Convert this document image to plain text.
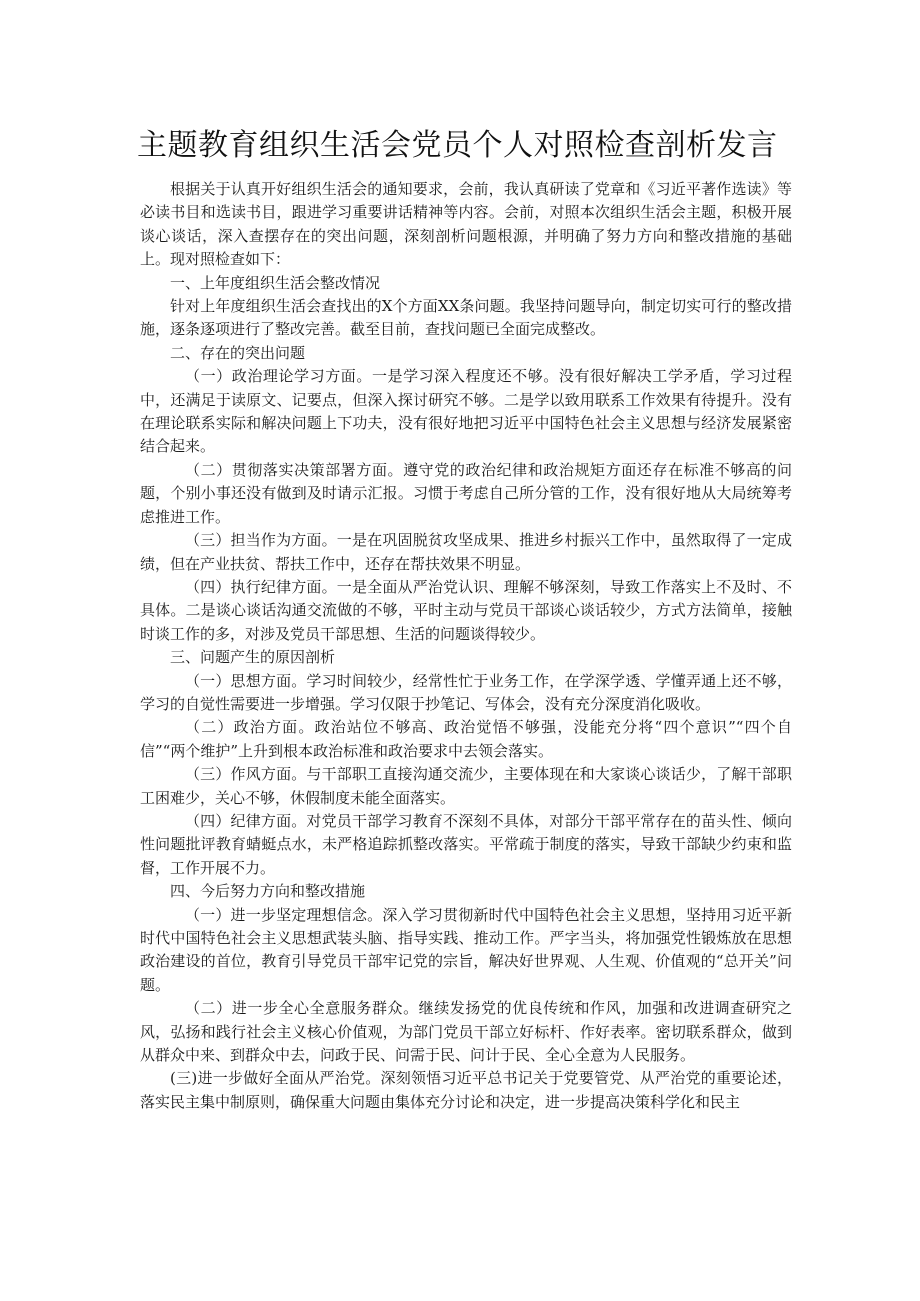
主题教育组织生活会党员个人对照检查剖析发言

根据关于认真开好组织生活会的通知要求，会前，我认真研读了党章和《习近平著作选读》等必读书目和选读书目，跟进学习重要讲话精神等内容。会前，对照本次组织生活会主题，积极开展谈心谈话，深入查摆存在的突出问题，深刻剖析问题根源，并明确了努力方向和整改措施的基础上。现对照检查如下：

一、上年度组织生活会整改情况

针对上年度组织生活会查找出的X个方面XX条问题。我坚持问题导向，制定切实可行的整改措施，逐条逐项进行了整改完善。截至目前，查找问题已全面完成整改。

二、存在的突出问题

（一）政治理论学习方面。一是学习深入程度还不够。没有很好解决工学矛盾，学习过程中，还满足于读原文、记要点，但深入探讨研究不够。二是学以致用联系工作效果有待提升。没有在理论联系实际和解决问题上下功夫，没有很好地把习近平中国特色社会主义思想与经济发展紧密结合起来。

（二）贯彻落实决策部署方面。遵守党的政治纪律和政治规矩方面还存在标准不够高的问题，个别小事还没有做到及时请示汇报。习惯于考虑自己所分管的工作，没有很好地从大局统筹考虑推进工作。

（三）担当作为方面。一是在巩固脱贫攻坚成果、推进乡村振兴工作中，虽然取得了一定成绩，但在产业扶贫、帮扶工作中，还存在帮扶效果不明显。

（四）执行纪律方面。一是全面从严治党认识、理解不够深刻，导致工作落实上不及时、不具体。二是谈心谈话沟通交流做的不够，平时主动与党员干部谈心谈话较少，方式方法简单，接触时谈工作的多，对涉及党员干部思想、生活的问题谈得较少。

三、问题产生的原因剖析

（一）思想方面。学习时间较少，经常性忙于业务工作，在学深学透、学懂弄通上还不够，学习的自觉性需要进一步增强。学习仅限于抄笔记、写体会，没有充分深度消化吸收。

（二）政治方面。政治站位不够高、政治觉悟不够强，没能充分将“四个意识”“四个自信”“两个维护”上升到根本政治标准和政治要求中去领会落实。

（三）作风方面。与干部职工直接沟通交流少，主要体现在和大家谈心谈话少，了解干部职工困难少，关心不够，休假制度未能全面落实。

（四）纪律方面。对党员干部学习教育不深刻不具体，对部分干部平常存在的苗头性、倾向性问题批评教育蜻蜓点水，未严格追踪抓整改落实。平常疏于制度的落实，导致干部缺少约束和监督，工作开展不力。

四、今后努力方向和整改措施

（一）进一步坚定理想信念。深入学习贯彻新时代中国特色社会主义思想，坚持用习近平新时代中国特色社会主义思想武装头脑、指导实践、推动工作。严字当头，将加强党性锻炼放在思想政治建设的首位，教育引导党员干部牢记党的宗旨，解决好世界观、人生观、价值观的“总开关”问题。

（二）进一步全心全意服务群众。继续发扬党的优良传统和作风，加强和改进调查研究之风，弘扬和践行社会主义核心价值观，为部门党员干部立好标杆、作好表率。密切联系群众，做到从群众中来、到群众中去，问政于民、问需于民、问计于民、全心全意为人民服务。

(三)进一步做好全面从严治党。深刻领悟习近平总书记关于党要管党、从严治党的重要论述，落实民主集中制原则，确保重大问题由集体充分讨论和决定，进一步提高决策科学化和民主
